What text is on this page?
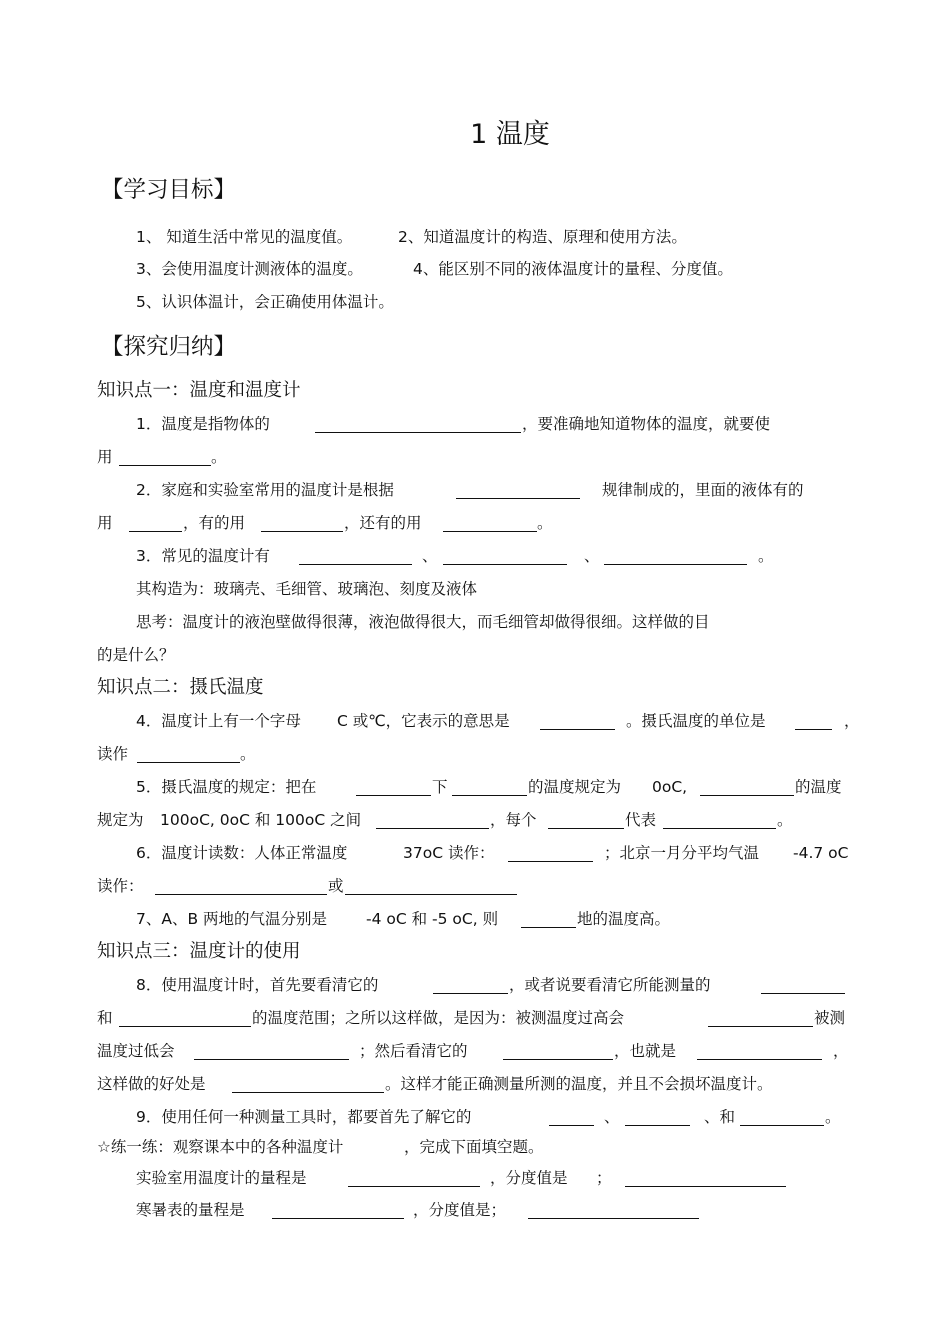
1 温度
【学习目标】
1、 知道生活中常见的温度值。	2、知道温度计的构造、原理和使用方法。
3、会使用温度计测液体的温度。	4、能区别不同的液体温度计的量程、分度值。
5、认识体温计，会正确使用体温计。
【探究归纳】
知识点一：温度和温度计
1．温度是指物体的	，要准确地知道物体的温度，就要使
用	。
2．家庭和实验室常用的温度计是根据	规律制成的，里面的液体有的
用	，有的用	，还有的用	。
3．常见的温度计有	、	、	。
其构造为：玻璃壳、毛细管、玻璃泡、刻度及液体
思考：温度计的液泡壁做得很薄，液泡做得很大，而毛细管却做得很细。这样做的目
的是什么？
知识点二：摄氏温度
4．温度计上有一个字母 C 或℃，它表示的意思是	。摄氏温度的单位是	，
读作	。
5．摄氏温度的规定：把在	下	的温度规定为 0oC,	的温度
规定为 100oC, 0oC 和 100oC 之间	，每个	代表	。
6．温度计读数：人体正常温度	37oC 读作：	；北京一月分平均气温 -4.7 oC
读作：	或
7、A、B 两地的气温分别是	-4 oC 和 -5 oC, 则	地的温度高。
知识点三：温度计的使用
8．使用温度计时，首先要看清它的	，或者说要看清它所能测量的
和	的温度范围；之所以这样做，是因为：被测温度过高会	被测
温度过低会	；然后看清它的	，也就是	，
这样做的好处是	。这样才能正确测量所测的温度，并且不会损坏温度计。
9．使用任何一种测量工具时，都要首先了解它的	、	、和	。
☆练一练：观察课本中的各种温度计	，完成下面填空题。
实验室用温度计的量程是	，分度值是 ；
寒暑表的量程是	，分度值是；
